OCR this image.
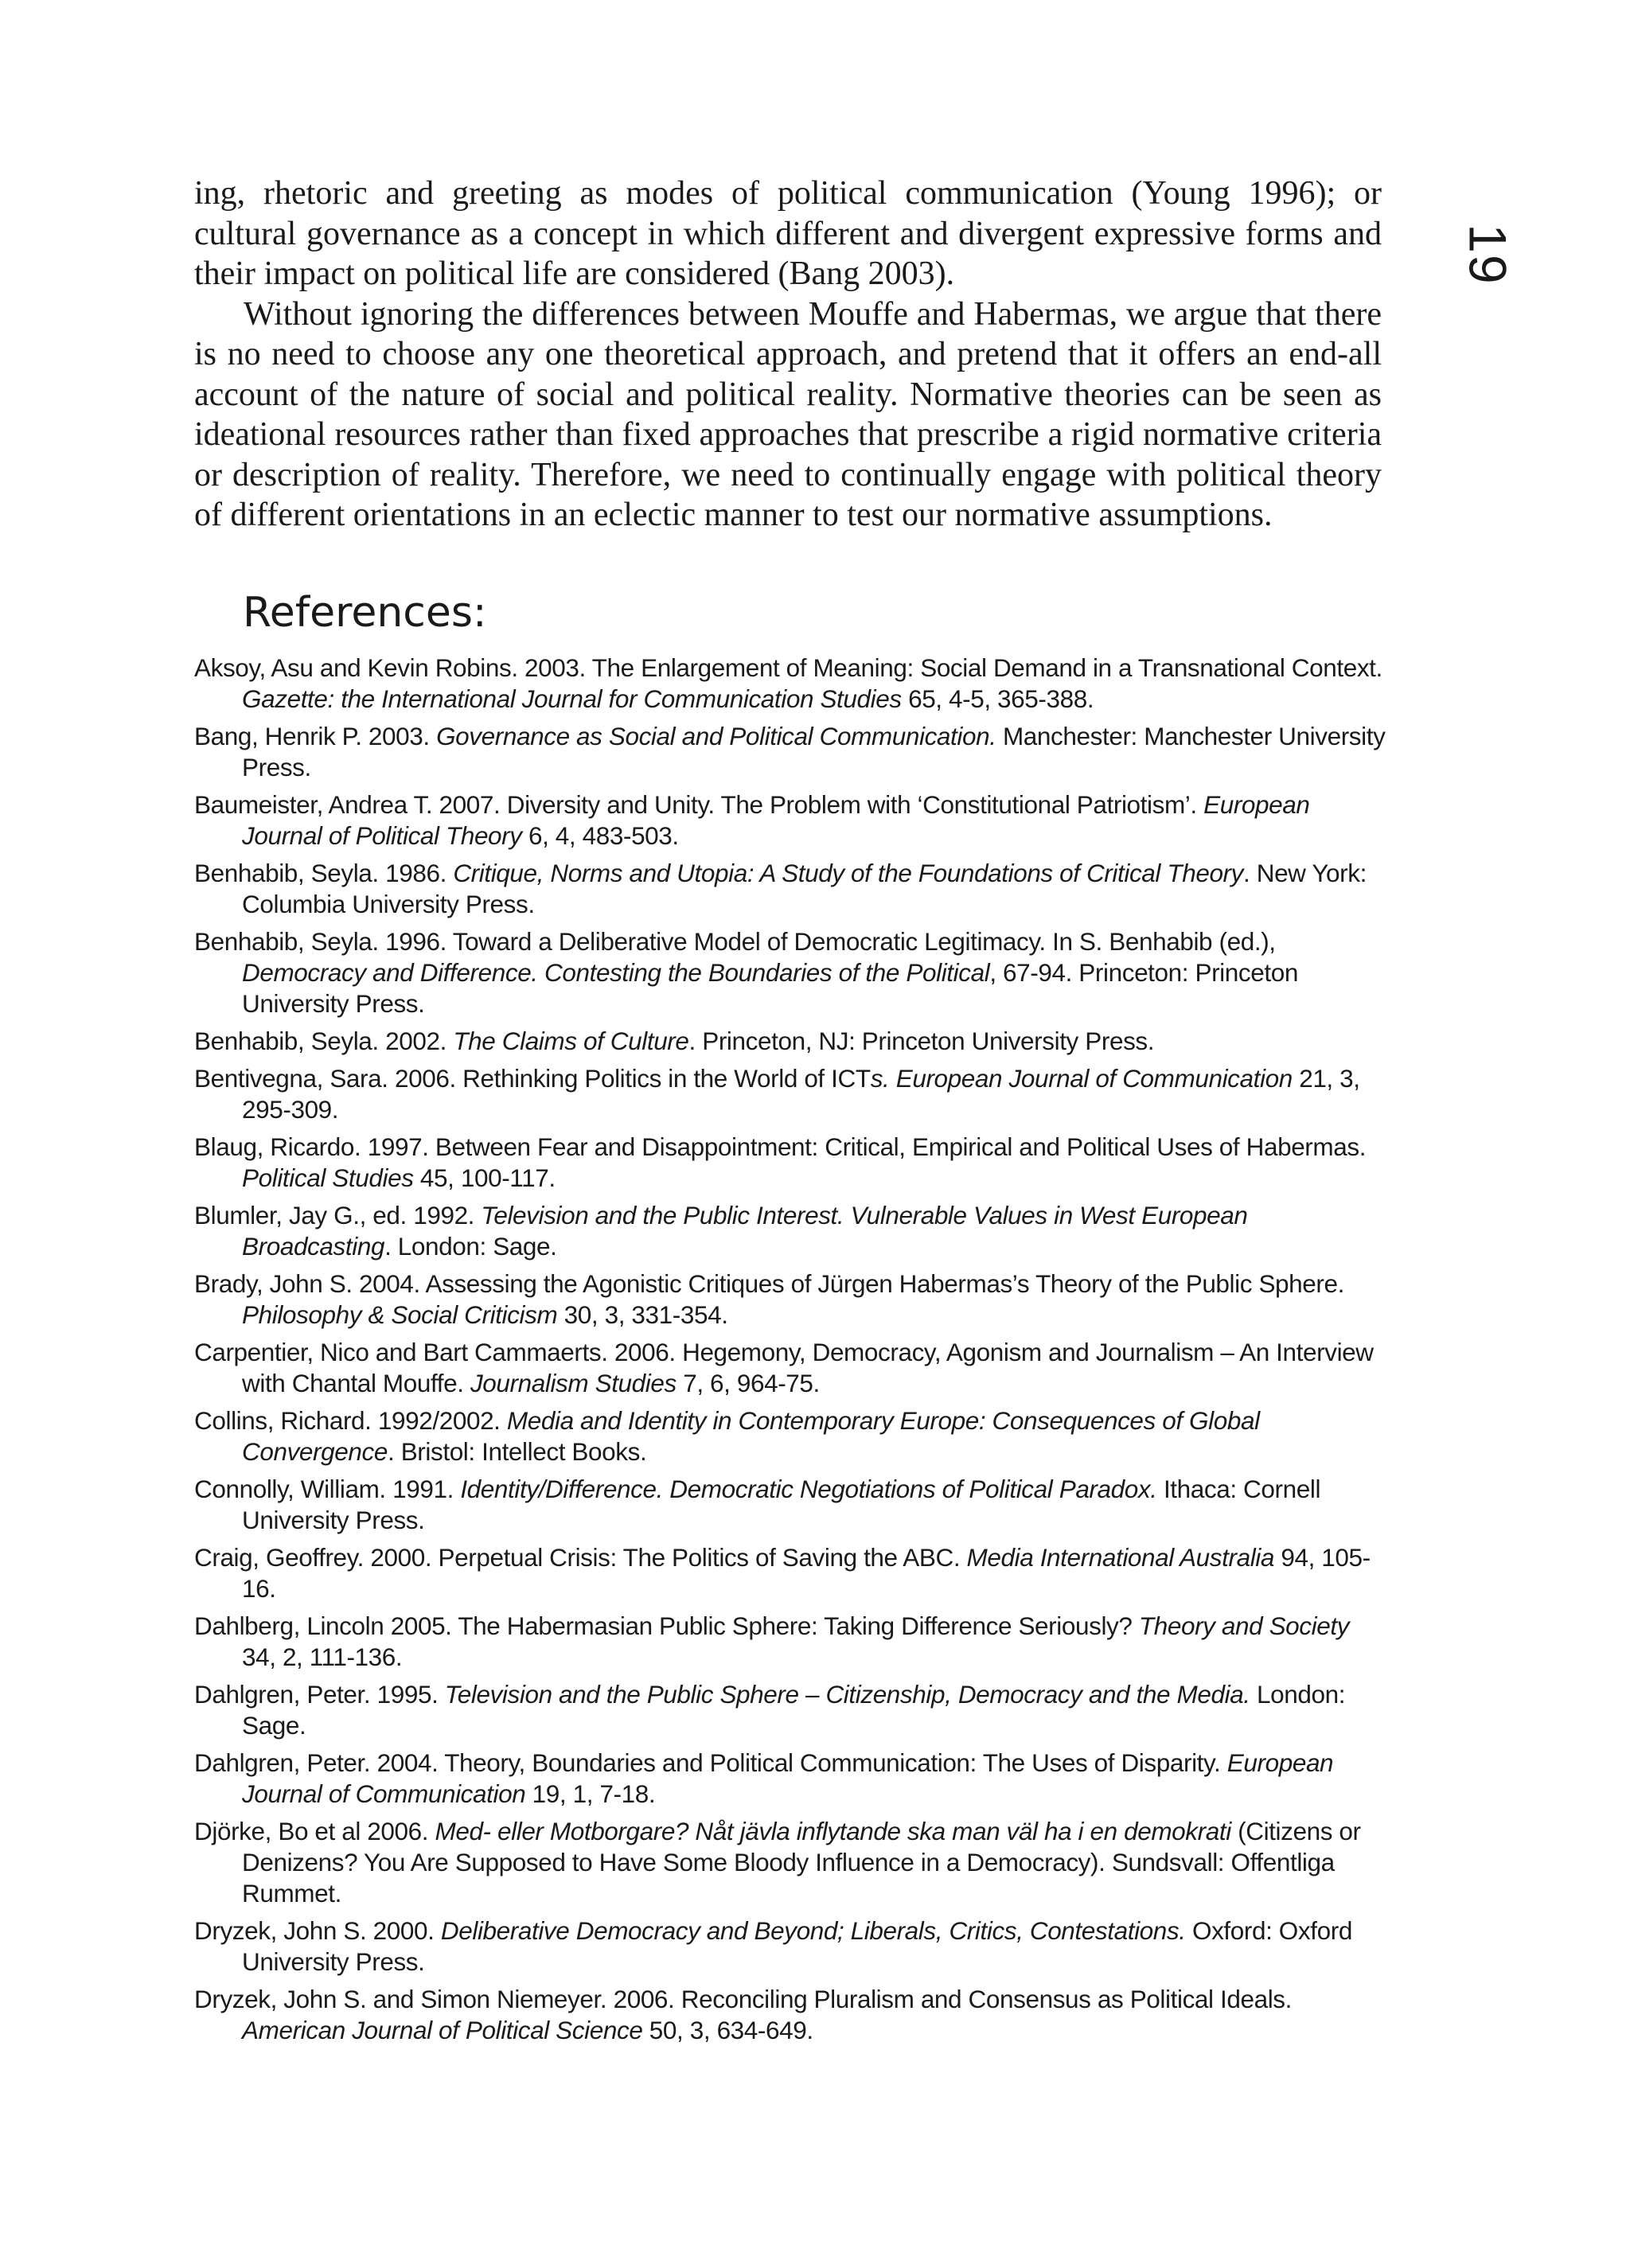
19

ing, rhetoric and greeting as modes of political communication (Young 1996); or cultural governance as a concept in which different and divergent expressive forms and their impact on political life are considered (Bang 2003).

Without ignoring the differences between Mouffe and Habermas, we argue that there is no need to choose any one theoretical approach, and pretend that it offers an end-all account of the nature of social and political reality. Normative theories can be seen as ideational resources rather than fixed approaches that prescribe a rigid normative criteria or description of reality. Therefore, we need to continually engage with political theory of different orientations in an eclectic manner to test our normative assumptions.

References:
Aksoy, Asu and Kevin Robins. 2003. The Enlargement of Meaning: Social Demand in a Transnational Context. Gazette: the International Journal for Communication Studies 65, 4-5, 365-388.
Bang, Henrik P. 2003. Governance as Social and Political Communication. Manchester: Manchester University Press.
Baumeister, Andrea T. 2007. Diversity and Unity. The Problem with ‘Constitutional Patriotism’. European Journal of Political Theory 6, 4, 483-503.
Benhabib, Seyla. 1986. Critique, Norms and Utopia: A Study of the Foundations of Critical Theory. New York: Columbia University Press.
Benhabib, Seyla. 1996. Toward a Deliberative Model of Democratic Legitimacy. In S. Benhabib (ed.), Democracy and Difference. Contesting the Boundaries of the Political, 67-94. Princeton: Princeton University Press.
Benhabib, Seyla. 2002. The Claims of Culture. Princeton, NJ: Princeton University Press.
Bentivegna, Sara. 2006. Rethinking Politics in the World of ICTs. European Journal of Communication 21, 3, 295-309.
Blaug, Ricardo. 1997. Between Fear and Disappointment: Critical, Empirical and Political Uses of Habermas. Political Studies 45, 100-117.
Blumler, Jay G., ed. 1992. Television and the Public Interest. Vulnerable Values in West European Broadcasting. London: Sage.
Brady, John S. 2004. Assessing the Agonistic Critiques of Jürgen Habermas’s Theory of the Public Sphere. Philosophy & Social Criticism 30, 3, 331-354.
Carpentier, Nico and Bart Cammaerts. 2006. Hegemony, Democracy, Agonism and Journalism – An Interview with Chantal Mouffe. Journalism Studies 7, 6, 964-75.
Collins, Richard. 1992/2002. Media and Identity in Contemporary Europe: Consequences of Global Convergence. Bristol: Intellect Books.
Connolly, William. 1991. Identity/Difference. Democratic Negotiations of Political Paradox. Ithaca: Cornell University Press.
Craig, Geoffrey. 2000. Perpetual Crisis: The Politics of Saving the ABC. Media International Australia 94, 105-16.
Dahlberg, Lincoln 2005. The Habermasian Public Sphere: Taking Difference Seriously? Theory and Society 34, 2, 111-136.
Dahlgren, Peter. 1995. Television and the Public Sphere – Citizenship, Democracy and the Media. London: Sage.
Dahlgren, Peter. 2004. Theory, Boundaries and Political Communication: The Uses of Disparity. European Journal of Communication 19, 1, 7-18.
Djörke, Bo et al 2006. Med- eller Motborgare? Nåt jävla inflytande ska man väl ha i en demokrati (Citizens or Denizens? You Are Supposed to Have Some Bloody Influence in a Democracy). Sundsvall: Offentliga Rummet.
Dryzek, John S. 2000. Deliberative Democracy and Beyond; Liberals, Critics, Contestations. Oxford: Oxford University Press.
Dryzek, John S. and Simon Niemeyer. 2006. Reconciling Pluralism and Consensus as Political Ideals. American Journal of Political Science 50, 3, 634-649.
